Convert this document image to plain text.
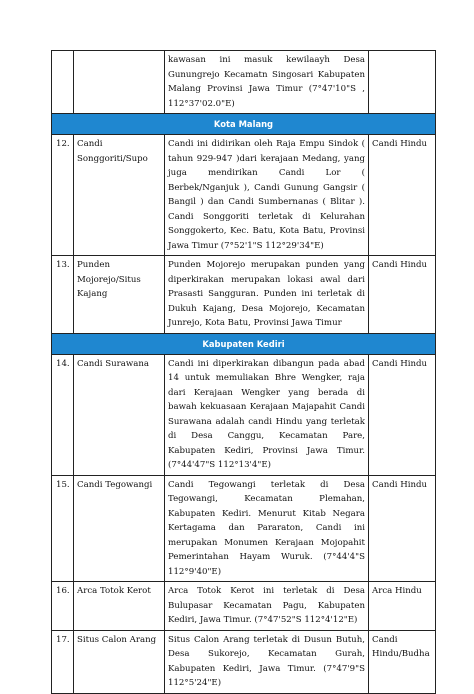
		kawasan ini masuk kewilaayh Desa Gunungrejo Kecamatn Singosari Kabupaten Malang Provinsi Jawa Timur (7°47'10"S , 112°37'02.0"E)	
Kota Malang			
12.	Candi Songgoriti/Supo	Candi ini didirikan oleh Raja Empu Sindok ( tahun 929-947 )dari kerajaan Medang, yang juga mendirikan Candi Lor ( Berbek/Nganjuk ), Candi Gunung Gangsir ( Bangil ) dan Candi Sumbernanas ( Blitar ). Candi Songgoriti terletak di Kelurahan Songgokerto, Kec. Batu, Kota Batu, Provinsi Jawa Timur (7°52'1"S 112°29'34"E)	Candi Hindu
13.	Punden Mojorejo/Situs Kajang	Punden Mojorejo merupakan punden yang diperkirakan merupakan lokasi awal dari Prasasti Sangguran. Punden ini terletak di Dukuh Kajang, Desa Mojorejo, Kecamatan Junrejo, Kota Batu, Provinsi Jawa Timur	Candi Hindu
Kabupaten Kediri			
14.	Candi Surawana	Candi ini diperkirakan dibangun pada abad 14 untuk memuliakan Bhre Wengker, raja dari Kerajaan Wengker yang berada di bawah kekuasaan Kerajaan Majapahit Candi Surawana adalah candi Hindu yang terletak di Desa Canggu, Kecamatan Pare, Kabupaten Kediri, Provinsi Jawa Timur. (7°44'47"S 112°13'4"E)	Candi Hindu
15.	Candi Tegowangi	Candi Tegowangi terletak di Desa Tegowangi, Kecamatan Plemahan, Kabupaten Kediri. Menurut Kitab Negara Kertagama dan Pararaton, Candi ini merupakan Monumen Kerajaan Mojopahit Pemerintahan Hayam Wuruk. (7°44'4"S 112°9'40"E)	Candi Hindu
16.	Arca Totok Kerot	Arca Totok Kerot ini terletak di Desa Bulupasar Kecamatan Pagu, Kabupaten Kediri, Jawa Timur. (7°47'52"S 112°4'12"E)	Arca Hindu
17.	Situs Calon Arang	Situs Calon Arang terletak di Dusun Butuh, Desa Sukorejo, Kecamatan Gurah, Kabupaten Kediri, Jawa Timur. (7°47'9"S 112°5'24"E)	Candi Hindu/Budha
